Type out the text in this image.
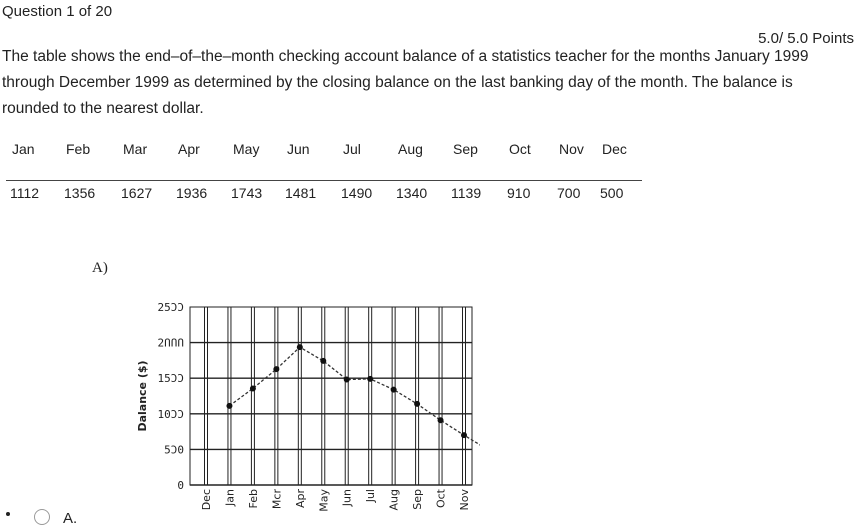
Question 1 of 20
5.0/ 5.0 Points

The table shows the end–of–the–month checking account balance of a statistics teacher for the months January 1999 through December 1999 as determined by the closing balance on the last banking day of the month. The balance is rounded to the nearest dollar.

Jan Feb Mar Apr May Jun Jul	Aug Sep Oct Nov Dec
1112 1356 1627 1936 1743 1481 1490 1340 1139 910 700 500
A)
0
5Ɔ0
10ƆƆ
15ƆƆ
2ՈՈՈ
25ƆƆ
Dalance ($)
Dec Jan Feb Mcr Apr May Jun Jul Aug Sep Oct Nov
A.
